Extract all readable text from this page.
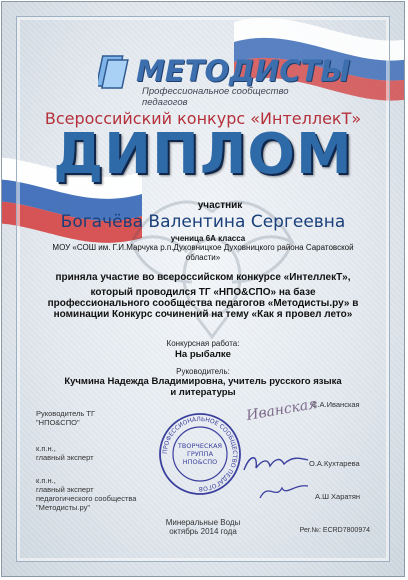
МЕТОДИСТЫ
Профессиональное сообщество педагогов
Всероссийский конкурс «ИнтеллекТ»
ДИПЛОМ
участник
Богачёва Валентина Сергеевна
ученица 6А класса
МОУ «СОШ им. Г.И.Марчука р.п.Духовницкое Духовницкого района Саратовской области»
приняла участие во всероссийском конкурсе «ИнтеллекТ»,
который проводился ТГ «НПО&СПО» на базе профессионального сообщества педагогов «Методисты.ру» в номинации Конкурс сочинений на тему «Как я провел лето»
Конкурсная работа:
На рыбалке
Руководитель:
Кучмина Надежда Владимировна, учитель русского языка и литературы
Руководитель ТГ
"НПО&СПО"
к.п.н.,
главный эксперт
к.п.н.,
главный эксперт
педагогического сообщества
"Методисты.ру"
С.А.Иванская
О.А.Кухтарева
А.Ш Харатян
Иванская
ПРОФЕССИОНАЛЬНОЕ СООБЩЕСТВО ПЕДАГОГОВ
ТВОРЧЕСКАЯ
ГРУППА
НПО&СПО
Минеральные Воды
октябрь 2014 года	Рег.№: ECRD7800974
